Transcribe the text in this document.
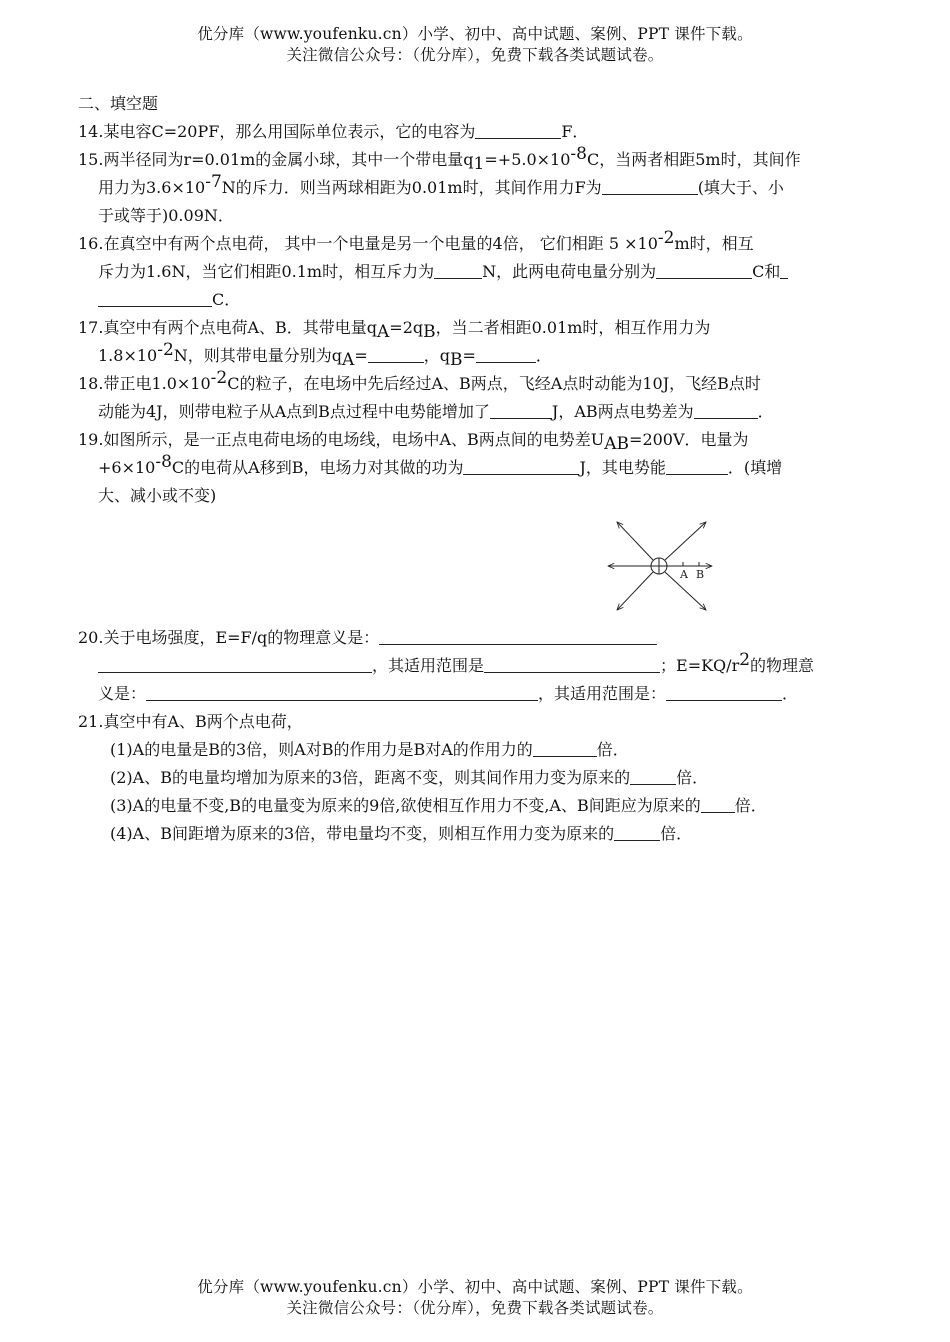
优分库（www.youfenku.cn）小学、初中、高中试题、案例、PPT 课件下载。
关注微信公众号：（优分库），免费下载各类试题试卷。
二、填空题
14.某电容C=20PF，那么用国际单位表示，它的电容为	F．
15.两半径同为r=0.01m的金属小球，其中一个带电量$q_1=+5.0\times 10^{-8}C$，当两者相距5m时，其间作
用力为$3.6\times 10^{-7}N$的斥力．则当两球相距为0.01m时，其间作用力F为	(填大于、小
于或等于)0.09N．
16.在真空中有两个点电荷， 其中一个电量是另一个电量的4倍， 它们相距 $5 \times 10^{-2}m$时，相互
斥力为1.6N，当它们相距0.1m时，相互斥力为	N，此两电荷电量分别为	C和
C．
17.真空中有两个点电荷A、B．其带电量$q_A=2q_B$，当二者相距0.01m时，相互作用力为
$1.8\times 10^{-2}N$，则其带电量分别为$q_A=$	，$q_B=$	．
18.带正电$1.0\times 10^{-2}C$的粒子，在电场中先后经过A、B两点，飞经A点时动能为10J，飞经B点时
动能为4J，则带电粒子从A点到B点过程中电势能增加了	J，AB两点电势差为	．
19.如图所示，是一正点电荷电场的电场线，电场中A、B两点间的电势差$U_{AB}=200V$．电量为
$+6\times 10^{-8}C$的电荷从A移到B，电场力对其做的功为	J，其电势能	．(填增
大、减小或不变)
20.关于电场强度，E=F/q的物理意义是：
，其适用范围是	；$E=KQ/r^2$的物理意
义是：	，其适用范围是：	．
21.真空中有A、B两个点电荷，
(1)A的电量是B的3倍，则A对B的作用力是B对A的作用力的	倍．
(2)A、B的电量均增加为原来的3倍，距离不变，则其间作用力变为原来的	倍．
(3)A的电量不变,B的电量变为原来的9倍,欲使相互作用力不变,A、B间距应为原来的 倍．
(4)A、B间距增为原来的3倍，带电量均不变，则相互作用力变为原来的	倍．
A B
优分库（www.youfenku.cn）小学、初中、高中试题、案例、PPT 课件下载。
关注微信公众号：（优分库），免费下载各类试题试卷。
